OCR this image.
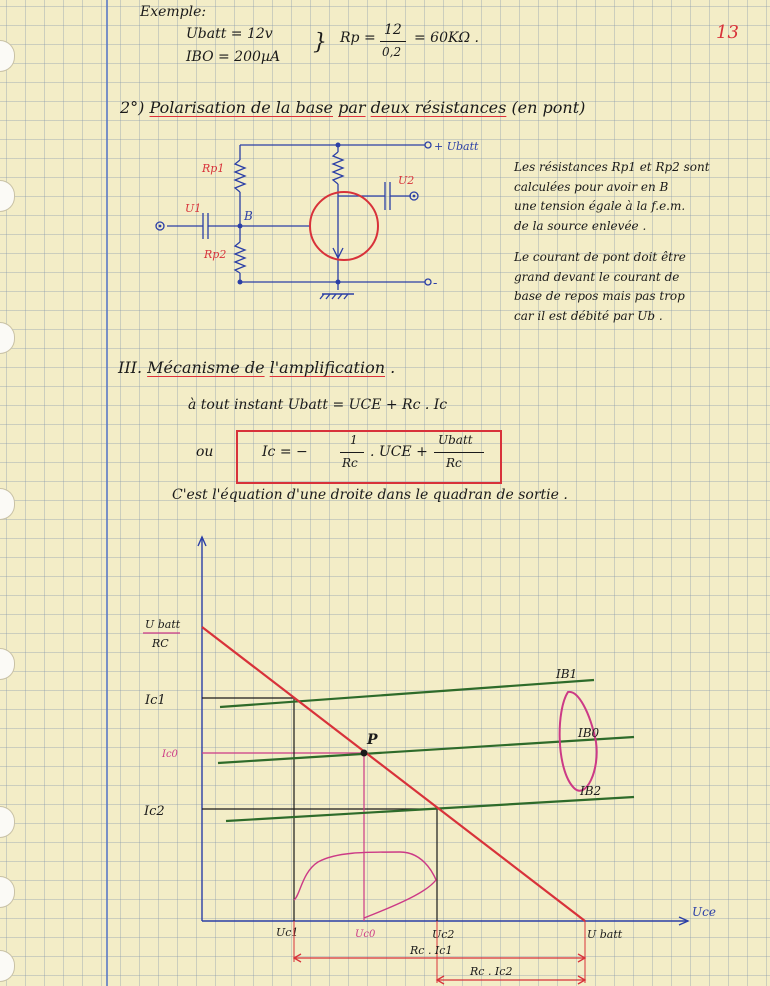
13
Exemple:
Ubatt = 12v
IBO = 200µA
} Rp = 12
0,2
= 60KΩ .
2°) Polarisation de la base par deux résistances (en pont)
Les résistances Rp1 et Rp2 sont
calculées pour avoir en B
une tension égale à la f.e.m.
de la source enlevée .
Le courant de pont doit être
grand devant le courant de
base de repos mais pas trop
car il est débité par Ub .
III. Mécanisme de l'amplification .
à tout instant Ubatt = UCE + Rc . Ic
ou	Ic = −
1
Rc
. UCE +
Ubatt
Rc
C'est l'équation d'une droite dans le quadran de sortie .
Rp1
Rp2
U1
U2
B
+ Ubatt
-
U batt
RC
P
Ic1
Ic0
Ic2
IB1
IB0
IB2
Uc1	Uc0	Uc2	U batt
Uce
Rc . Ic1
Rc . Ic2
